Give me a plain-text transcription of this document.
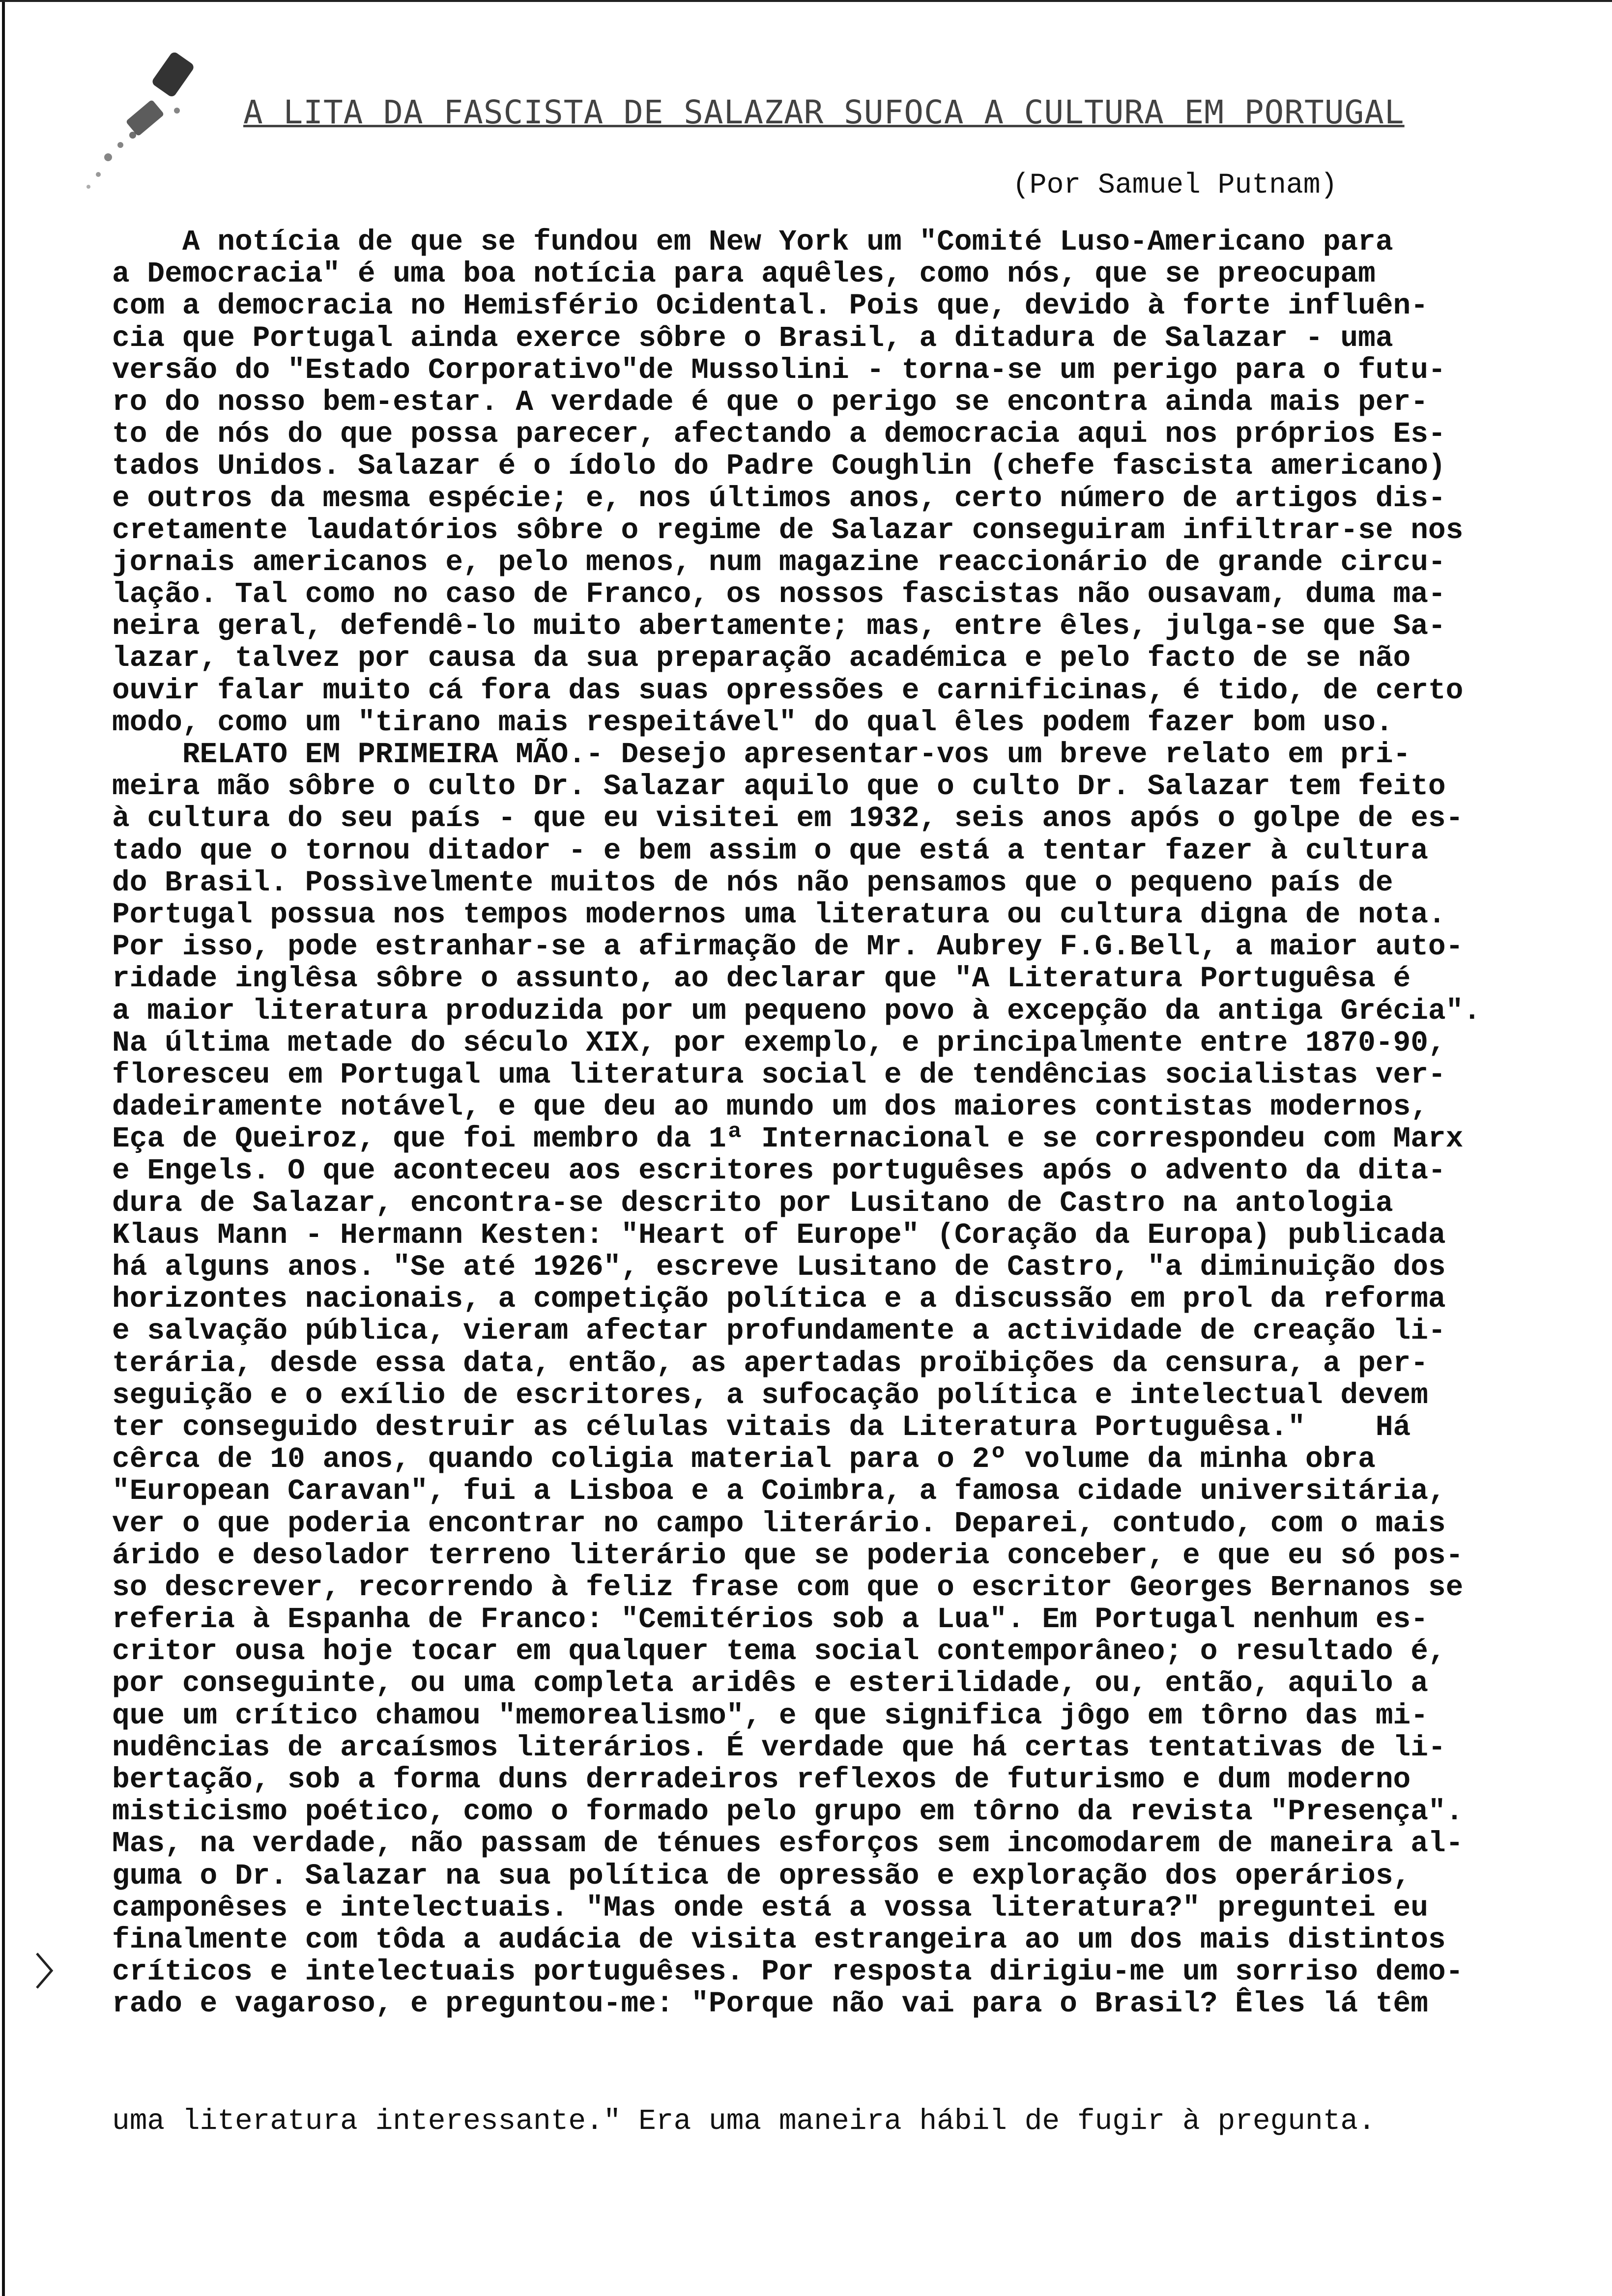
A LITA DA FASCISTA DE SALAZAR SUFOCA A CULTURA EM PORTUGAL
(Por Samuel Putnam)
A notícia de que se fundou em New York um "Comité Luso-Americano para
a Democracia" é uma boa notícia para aquêles, como nós, que se preocupam
com a democracia no Hemisfério Ocidental. Pois que, devido à forte influên-
cia que Portugal ainda exerce sôbre o Brasil, a ditadura de Salazar - uma
versão do "Estado Corporativo"de Mussolini - torna-se um perigo para o futu-
ro do nosso bem-estar. A verdade é que o perigo se encontra ainda mais per-
to de nós do que possa parecer, afectando a democracia aqui nos próprios Es-
tados Unidos. Salazar é o ídolo do Padre Coughlin (chefe fascista americano)
e outros da mesma espécie; e, nos últimos anos, certo número de artigos dis-
cretamente laudatórios sôbre o regime de Salazar conseguiram infiltrar-se nos
jornais americanos e, pelo menos, num magazine reaccionário de grande circu-
lação. Tal como no caso de Franco, os nossos fascistas não ousavam, duma ma-
neira geral, defendê-lo muito abertamente; mas, entre êles, julga-se que Sa-
lazar, talvez por causa da sua preparação académica e pelo facto de se não
ouvir falar muito cá fora das suas opressões e carnificinas, é tido, de certo
modo, como um "tirano mais respeitável" do qual êles podem fazer bom uso.
RELATO EM PRIMEIRA MÃO.- Desejo apresentar-vos um breve relato em pri-
meira mão sôbre o culto Dr. Salazar aquilo que o culto Dr. Salazar tem feito
à cultura do seu país - que eu visitei em 1932, seis anos após o golpe de es-
tado que o tornou ditador - e bem assim o que está a tentar fazer à cultura
do Brasil. Possìvelmente muitos de nós não pensamos que o pequeno país de
Portugal possua nos tempos modernos uma literatura ou cultura digna de nota.
Por isso, pode estranhar-se a afirmação de Mr. Aubrey F.G.Bell, a maior auto-
ridade inglêsa sôbre o assunto, ao declarar que "A Literatura Portuguêsa é
a maior literatura produzida por um pequeno povo à excepção da antiga Grécia".
Na última metade do século XIX, por exemplo, e principalmente entre 1870-90,
floresceu em Portugal uma literatura social e de tendências socialistas ver-
dadeiramente notável, e que deu ao mundo um dos maiores contistas modernos,
Eça de Queiroz, que foi membro da 1ª Internacional e se correspondeu com Marx
e Engels. O que aconteceu aos escritores portuguêses após o advento da dita-
dura de Salazar, encontra-se descrito por Lusitano de Castro na antologia
Klaus Mann - Hermann Kesten: "Heart of Europe" (Coração da Europa) publicada
há alguns anos. "Se até 1926", escreve Lusitano de Castro, "a diminuição dos
horizontes nacionais, a competição política e a discussão em prol da reforma
e salvação pública, vieram afectar profundamente a actividade de creação li-
terária, desde essa data, então, as apertadas proïbições da censura, a per-
seguição e o exílio de escritores, a sufocação política e intelectual devem
ter conseguido destruir as células vitais da Literatura Portuguêsa."    Há
cêrca de 10 anos, quando coligia material para o 2º volume da minha obra
"European Caravan", fui a Lisboa e a Coimbra, a famosa cidade universitária,
ver o que poderia encontrar no campo literário. Deparei, contudo, com o mais
árido e desolador terreno literário que se poderia conceber, e que eu só pos-
so descrever, recorrendo à feliz frase com que o escritor Georges Bernanos se
referia à Espanha de Franco: "Cemitérios sob a Lua". Em Portugal nenhum es-
critor ousa hoje tocar em qualquer tema social contemporâneo; o resultado é,
por conseguinte, ou uma completa aridês e esterilidade, ou, então, aquilo a
que um crítico chamou "memorealismo", e que significa jôgo em tôrno das mi-
nudências de arcaísmos literários. É verdade que há certas tentativas de li-
bertação, sob a forma duns derradeiros reflexos de futurismo e dum moderno
misticismo poético, como o formado pelo grupo em tôrno da revista "Presença".
Mas, na verdade, não passam de ténues esforços sem incomodarem de maneira al-
guma o Dr. Salazar na sua política de opressão e exploração dos operários,
camponêses e intelectuais. "Mas onde está a vossa literatura?" preguntei eu
finalmente com tôda a audácia de visita estrangeira ao um dos mais distintos
críticos e intelectuais portuguêses. Por resposta dirigiu-me um sorriso demo-
rado e vagaroso, e preguntou-me: "Porque não vai para o Brasil? Êles lá têm
uma literatura interessante." Era uma maneira hábil de fugir à pregunta.
